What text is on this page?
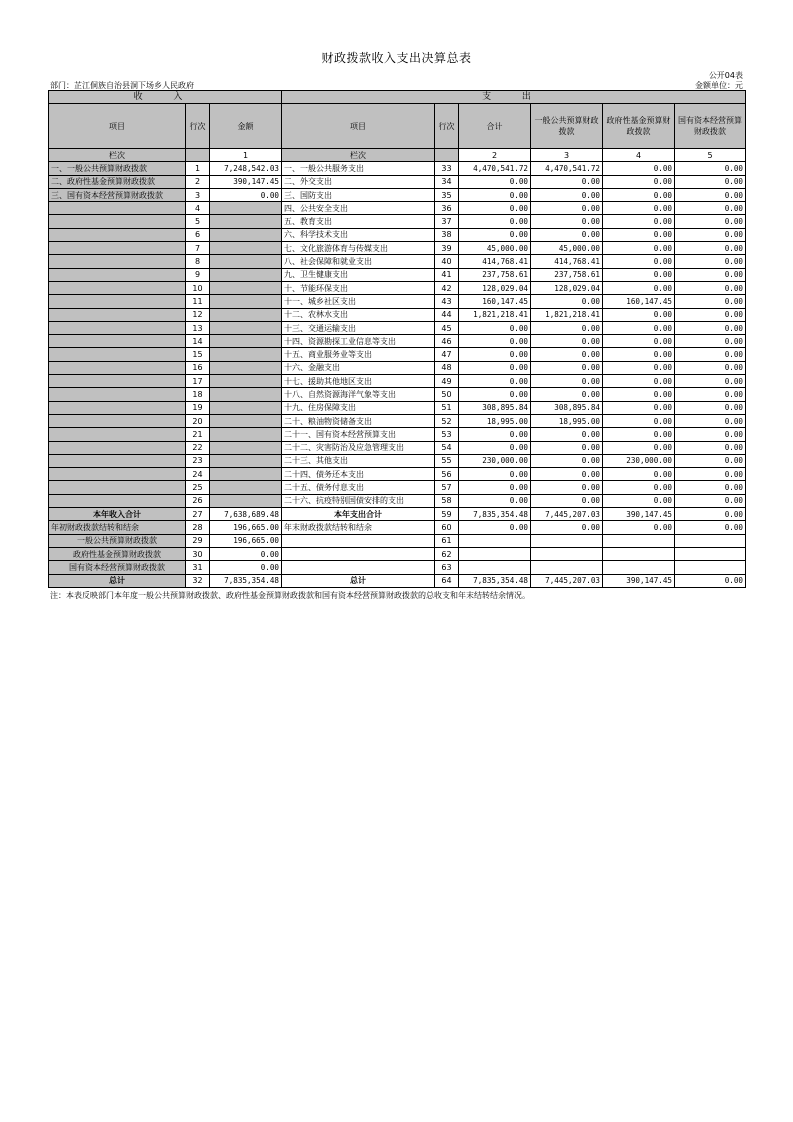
财政拨款收入支出决算总表
部门：芷江侗族自治县洞下场乡人民政府
公开04表
金额单位：元
收 入			支 出					
项目	行次	金额	项目	行次	合计	一般公共预算财政拨款	政府性基金预算财政拨款	国有资本经营预算财政拨款
栏次		1	栏次		2	3	4	5
一、一般公共预算财政拨款	1	7,248,542.03	一、一般公共服务支出	33	4,470,541.72	4,470,541.72	0.00	0.00
二、政府性基金预算财政拨款	2	390,147.45	二、外交支出	34	0.00	0.00	0.00	0.00
三、国有资本经营预算财政拨款	3	0.00	三、国防支出	35	0.00	0.00	0.00	0.00
	4		四、公共安全支出	36	0.00	0.00	0.00	0.00
	5		五、教育支出	37	0.00	0.00	0.00	0.00
	6		六、科学技术支出	38	0.00	0.00	0.00	0.00
	7		七、文化旅游体育与传媒支出	39	45,000.00	45,000.00	0.00	0.00
	8		八、社会保障和就业支出	40	414,768.41	414,768.41	0.00	0.00
	9		九、卫生健康支出	41	237,758.61	237,758.61	0.00	0.00
	10		十、节能环保支出	42	128,029.04	128,029.04	0.00	0.00
	11		十一、城乡社区支出	43	160,147.45	0.00	160,147.45	0.00
	12		十二、农林水支出	44	1,821,218.41	1,821,218.41	0.00	0.00
	13		十三、交通运输支出	45	0.00	0.00	0.00	0.00
	14		十四、资源勘探工业信息等支出	46	0.00	0.00	0.00	0.00
	15		十五、商业服务业等支出	47	0.00	0.00	0.00	0.00
	16		十六、金融支出	48	0.00	0.00	0.00	0.00
	17		十七、援助其他地区支出	49	0.00	0.00	0.00	0.00
	18		十八、自然资源海洋气象等支出	50	0.00	0.00	0.00	0.00
	19		十九、住房保障支出	51	308,895.84	308,895.84	0.00	0.00
	20		二十、粮油物资储备支出	52	18,995.00	18,995.00	0.00	0.00
	21		二十一、国有资本经营预算支出	53	0.00	0.00	0.00	0.00
	22		二十二、灾害防治及应急管理支出	54	0.00	0.00	0.00	0.00
	23		二十三、其他支出	55	230,000.00	0.00	230,000.00	0.00
	24		二十四、债务还本支出	56	0.00	0.00	0.00	0.00
	25		二十五、债务付息支出	57	0.00	0.00	0.00	0.00
	26		二十六、抗疫特别国债安排的支出	58	0.00	0.00	0.00	0.00
本年收入合计	27	7,638,689.48	本年支出合计	59	7,835,354.48	7,445,207.03	390,147.45	0.00
年初财政拨款结转和结余	28	196,665.00	年末财政拨款结转和结余	60	0.00	0.00	0.00	0.00
一般公共预算财政拨款	29	196,665.00		61				
政府性基金预算财政拨款	30	0.00		62				
国有资本经营预算财政拨款	31	0.00		63				
总计	32	7,835,354.48	总计	64	7,835,354.48	7,445,207.03	390,147.45	0.00
注：本表反映部门本年度一般公共预算财政拨款、政府性基金预算财政拨款和国有资本经营预算财政拨款的总收支和年末结转结余情况。
